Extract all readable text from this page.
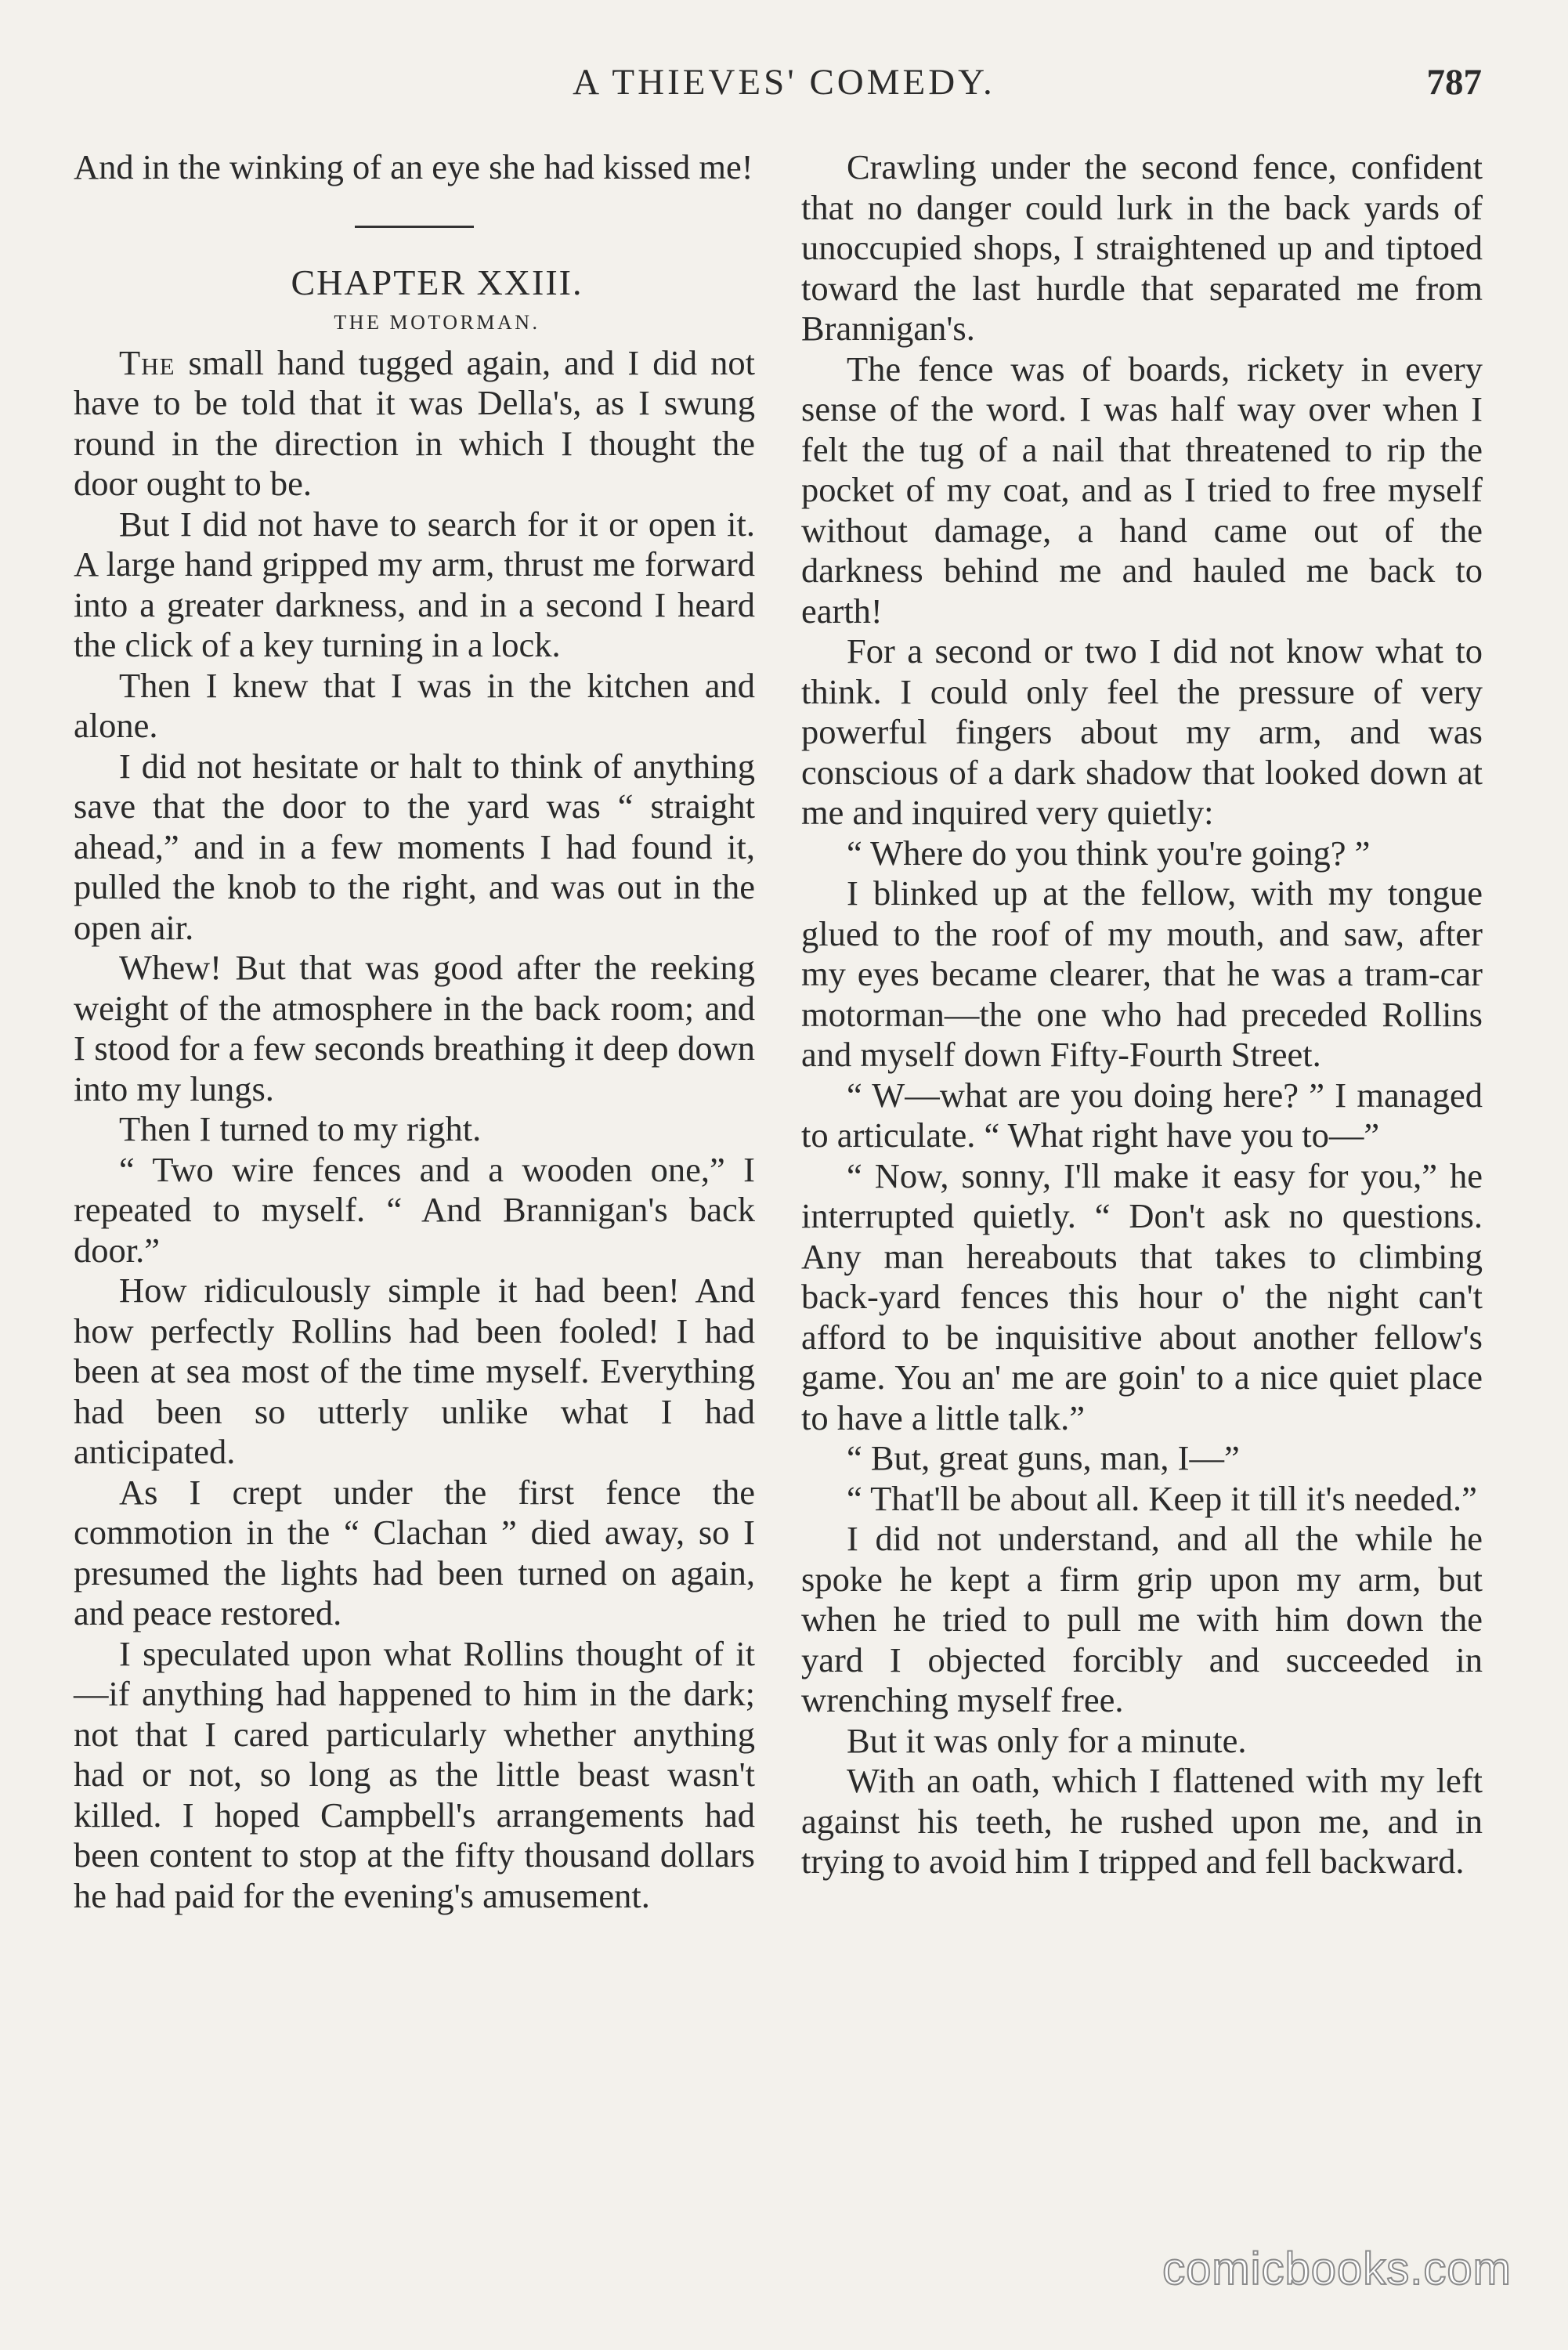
A THIEVES' COMEDY.	787

And in the winking of an eye she had kissed me!

CHAPTER XXIII.

THE MOTORMAN.

The small hand tugged again, and I did not have to be told that it was Della's, as I swung round in the direction in which I thought the door ought to be.

But I did not have to search for it or open it. A large hand gripped my arm, thrust me forward into a greater darkness, and in a second I heard the click of a key turning in a lock.

Then I knew that I was in the kitchen and alone.

I did not hesitate or halt to think of anything save that the door to the yard was “ straight ahead,” and in a few moments I had found it, pulled the knob to the right, and was out in the open air.

Whew! But that was good after the reeking weight of the atmosphere in the back room; and I stood for a few seconds breathing it deep down into my lungs.

Then I turned to my right.

“ Two wire fences and a wooden one,” I repeated to myself. “ And Brannigan's back door.”

How ridiculously simple it had been! And how perfectly Rollins had been fooled! I had been at sea most of the time myself. Everything had been so utterly unlike what I had anticipated.

As I crept under the first fence the commotion in the “ Clachan ” died away, so I presumed the lights had been turned on again, and peace restored.

I speculated upon what Rollins thought of it—if anything had happened to him in the dark; not that I cared particularly whether anything had or not, so long as the little beast wasn't killed. I hoped Campbell's arrangements had been content to stop at the fifty thousand dollars he had paid for the evening's amusement.

Crawling under the second fence, confident that no danger could lurk in the back yards of unoccupied shops, I straightened up and tiptoed toward the last hurdle that separated me from Brannigan's.

The fence was of boards, rickety in every sense of the word. I was half way over when I felt the tug of a nail that threatened to rip the pocket of my coat, and as I tried to free myself without damage, a hand came out of the darkness behind me and hauled me back to earth!

For a second or two I did not know what to think. I could only feel the pressure of very powerful fingers about my arm, and was conscious of a dark shadow that looked down at me and inquired very quietly:

“ Where do you think you're going? ”

I blinked up at the fellow, with my tongue glued to the roof of my mouth, and saw, after my eyes became clearer, that he was a tram-car motorman—the one who had preceded Rollins and myself down Fifty-Fourth Street.

“ W—what are you doing here? ” I managed to articulate. “ What right have you to—”

“ Now, sonny, I'll make it easy for you,” he interrupted quietly. “ Don't ask no questions. Any man hereabouts that takes to climbing back-yard fences this hour o' the night can't afford to be inquisitive about another fellow's game. You an' me are goin' to a nice quiet place to have a little talk.”

“ But, great guns, man, I—”

“ That'll be about all. Keep it till it's needed.”

I did not understand, and all the while he spoke he kept a firm grip upon my arm, but when he tried to pull me with him down the yard I objected forcibly and succeeded in wrenching myself free.

But it was only for a minute.

With an oath, which I flattened with my left against his teeth, he rushed upon me, and in trying to avoid him I tripped and fell backward.

comicbooks.com
